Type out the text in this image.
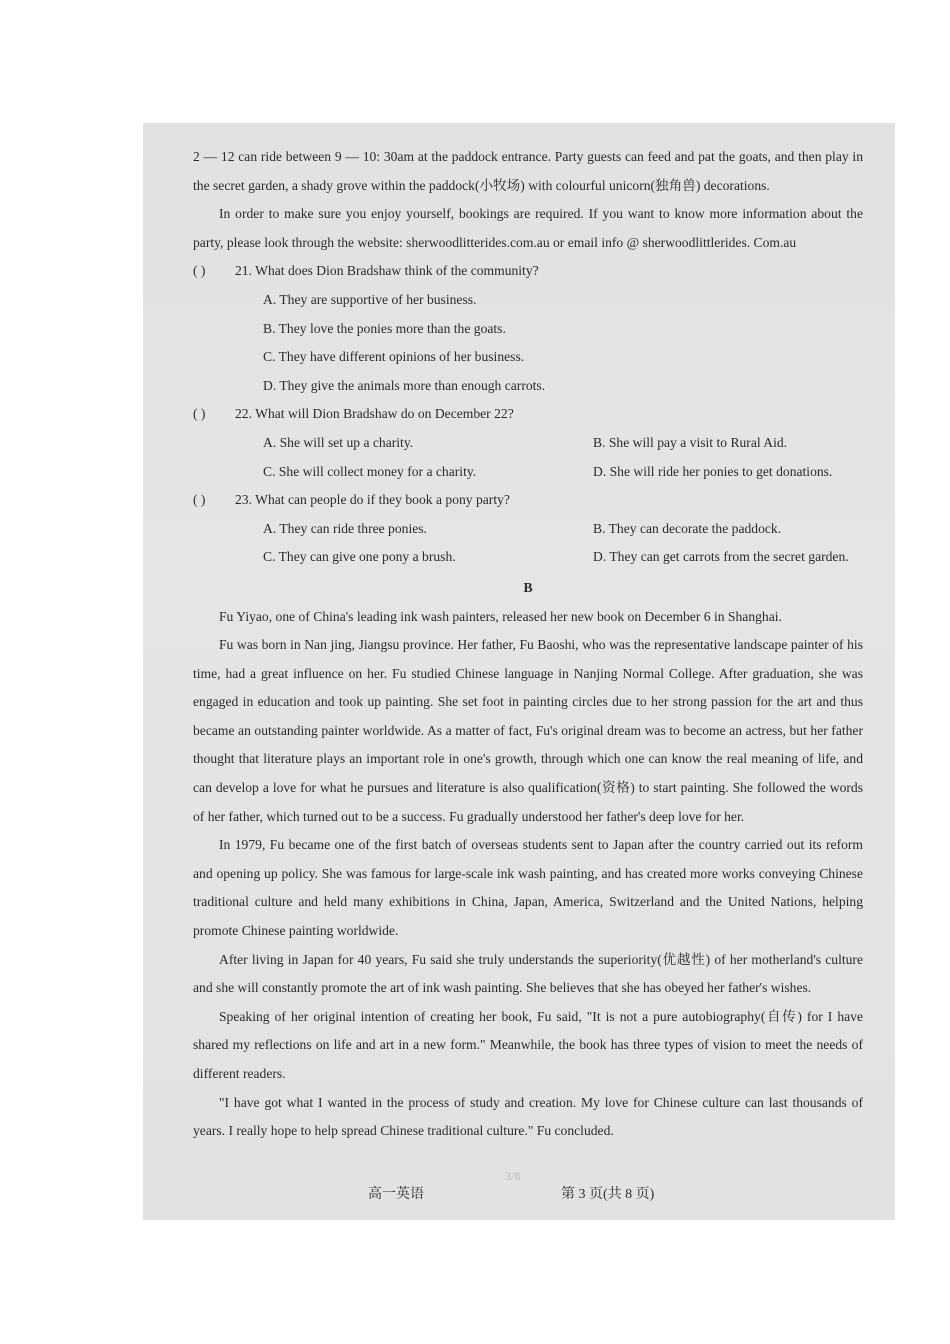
2 — 12 can ride between 9 — 10: 30am at the paddock entrance. Party guests can feed and pat the goats, and then play in the secret garden, a shady grove within the paddock(小牧场) with colourful unicorn(独角兽) decorations.

In order to make sure you enjoy yourself, bookings are required. If you want to know more information about the party, please look through the website: sherwoodlitterides.com.au or email info @ sherwoodlittlerides. Com.au

( ) 21. What does Dion Bradshaw think of the community?

A. They are supportive of her business.

B. They love the ponies more than the goats.

C. They have different opinions of her business.

D. They give the animals more than enough carrots.

( ) 22. What will Dion Bradshaw do on December 22?

A. She will set up a charity.	B. She will pay a visit to Rural Aid.
C. She will collect money for a charity.	D. She will ride her ponies to get donations.

( ) 23. What can people do if they book a pony party?

A. They can ride three ponies.	B. They can decorate the paddock.
C. They can give one pony a brush.	D. They can get carrots from the secret garden.

B

Fu Yiyao, one of China's leading ink wash painters, released her new book on December 6 in Shanghai.

Fu was born in Nan jing, Jiangsu province. Her father, Fu Baoshi, who was the representative landscape painter of his time, had a great influence on her. Fu studied Chinese language in Nanjing Normal College. After graduation, she was engaged in education and took up painting. She set foot in painting circles due to her strong passion for the art and thus became an outstanding painter worldwide. As a matter of fact, Fu's original dream was to become an actress, but her father thought that literature plays an important role in one's growth, through which one can know the real meaning of life, and can develop a love for what he pursues and literature is also qualification(资格) to start painting. She followed the words of her father, which turned out to be a success. Fu gradually understood her father's deep love for her.

In 1979, Fu became one of the first batch of overseas students sent to Japan after the country carried out its reform and opening up policy. She was famous for large-scale ink wash painting, and has created more works conveying Chinese traditional culture and held many exhibitions in China, Japan, America, Switzerland and the United Nations, helping promote Chinese painting worldwide.

After living in Japan for 40 years, Fu said she truly understands the superiority(优越性) of her motherland's culture and she will constantly promote the art of ink wash painting. She believes that she has obeyed her father's wishes.

Speaking of her original intention of creating her book, Fu said, "It is not a pure autobiography(自传) for I have shared my reflections on life and art in a new form." Meanwhile, the book has three types of vision to meet the needs of different readers.

"I have got what I wanted in the process of study and creation. My love for Chinese culture can last thousands of years. I really hope to help spread Chinese traditional culture." Fu concluded.

3/8
高一英语	第 3 页(共 8 页)
